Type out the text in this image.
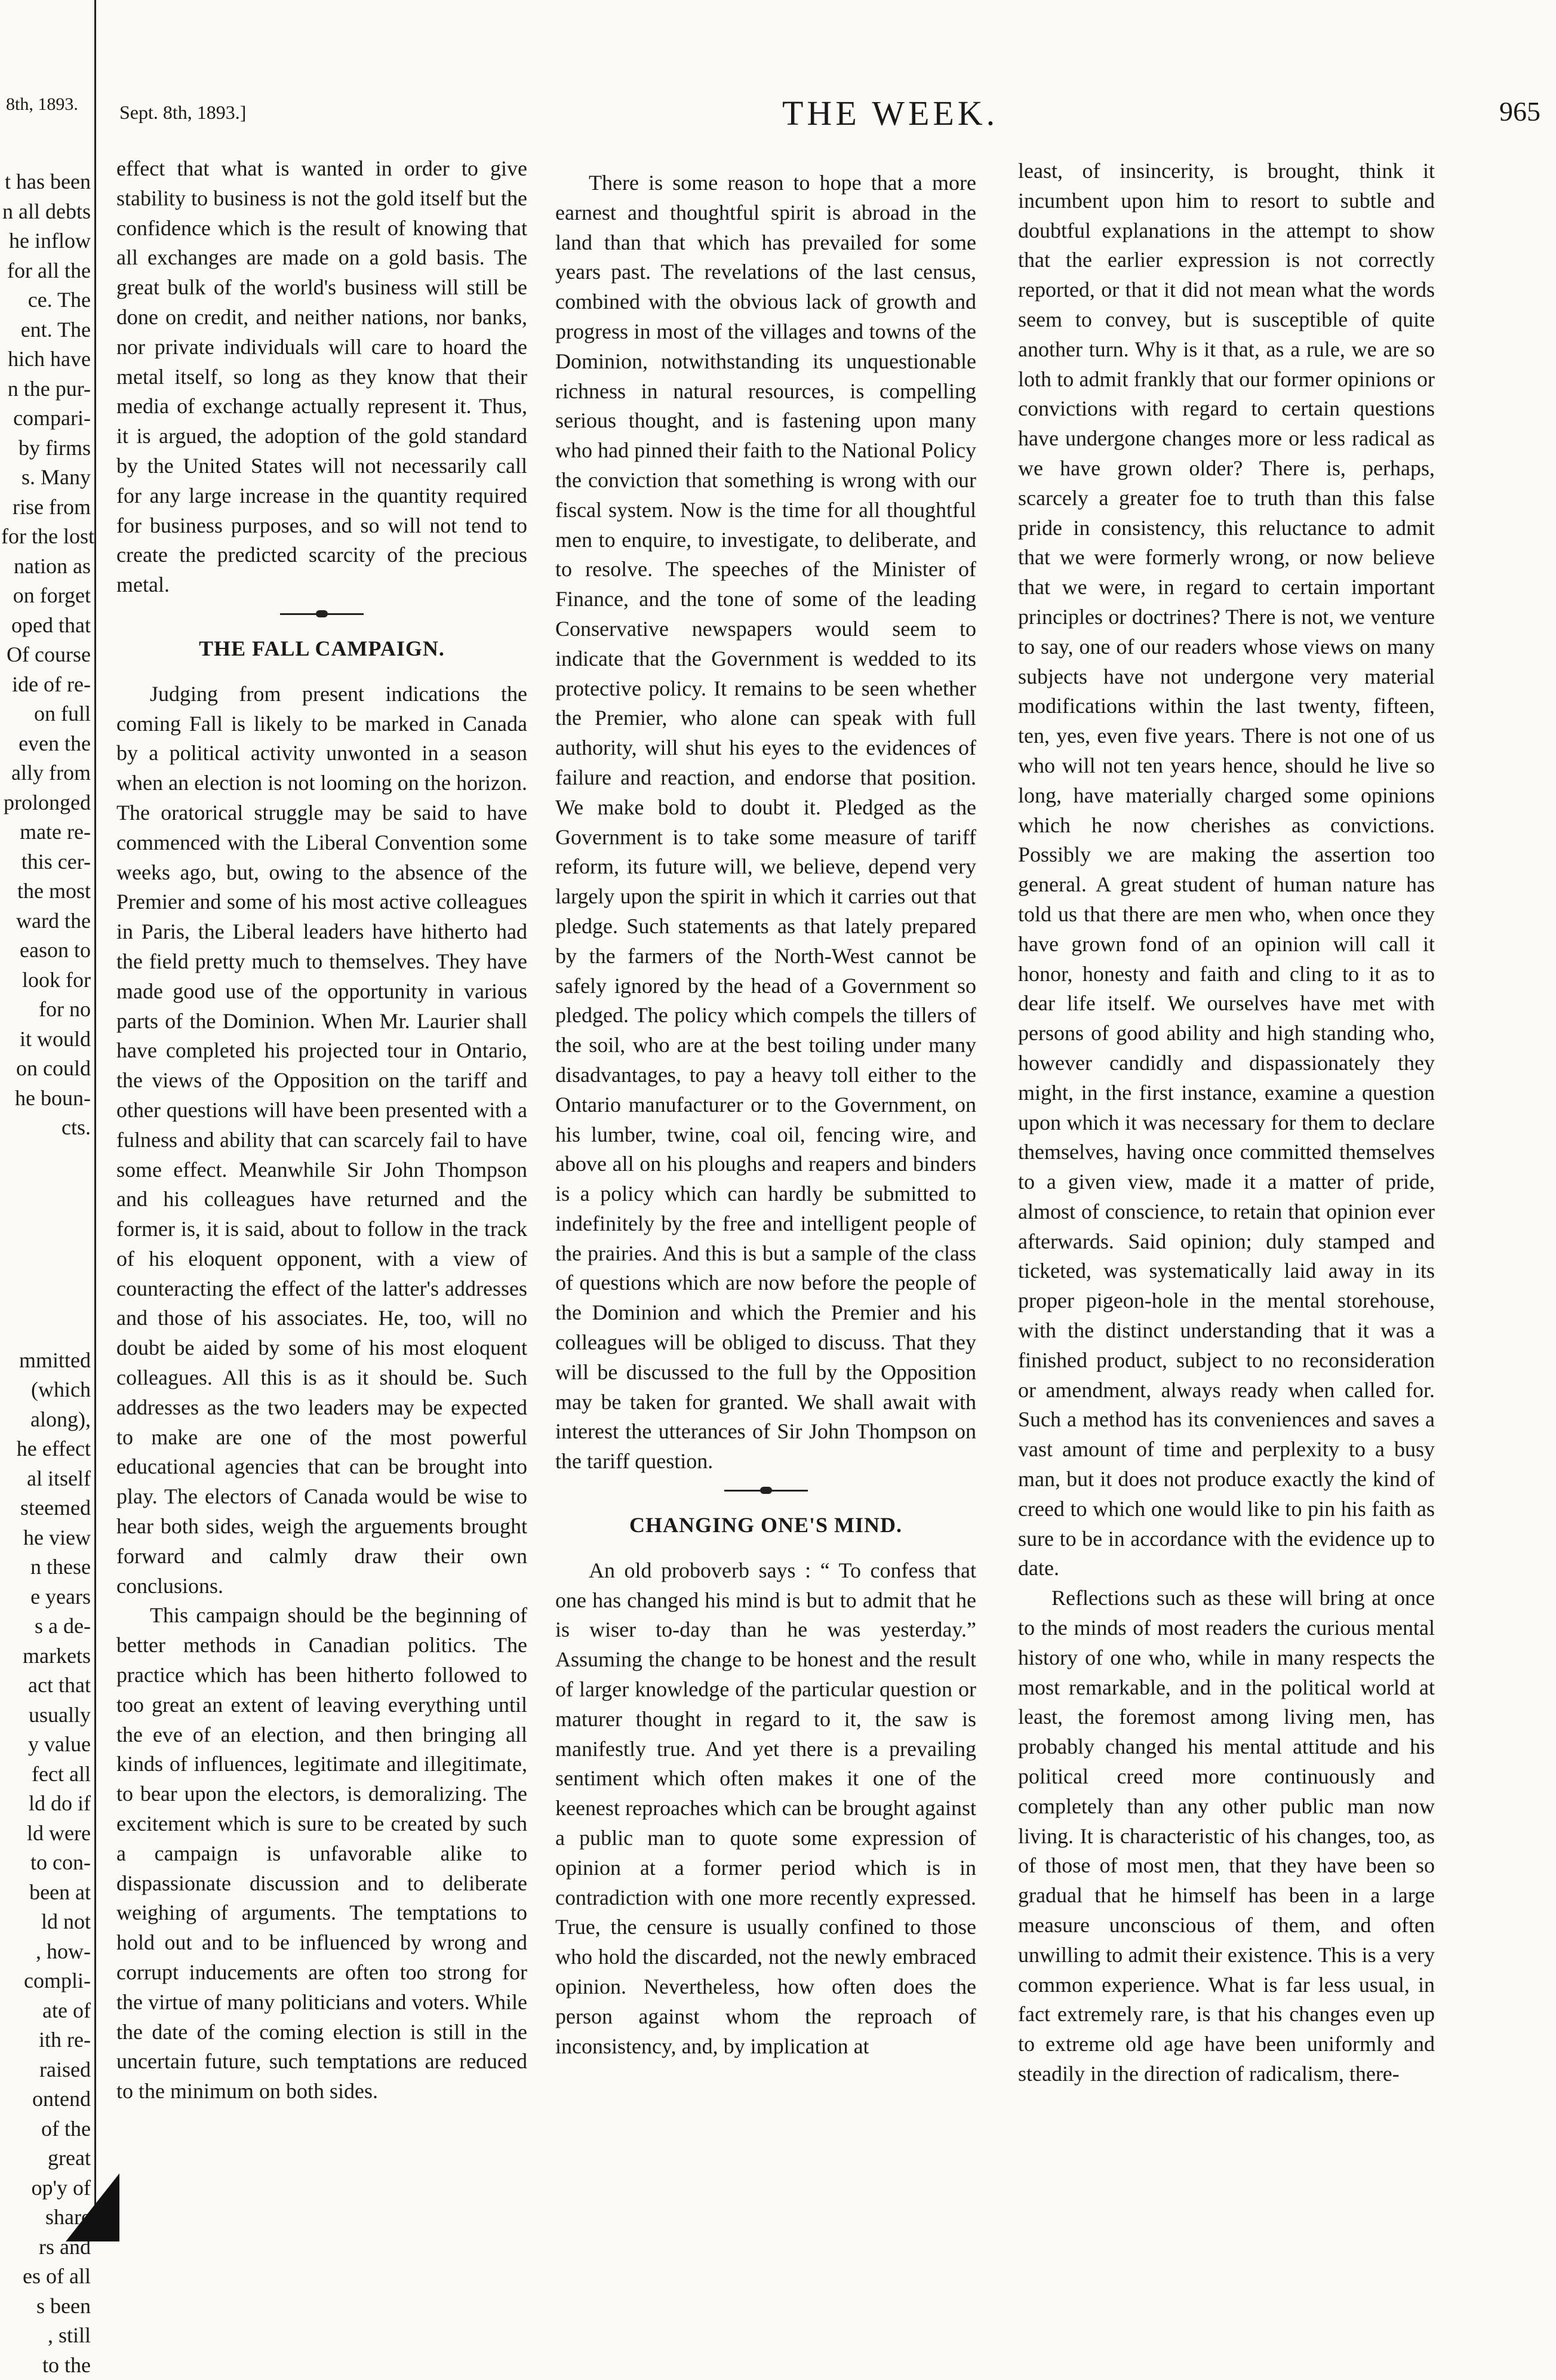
8th, 1893.
t has been
n all debts
he inflow
for all the
ce. The
ent. The
hich have
n the pur-
compari-
by firms
s. Many
rise from
for the lost
nation as
on forget
oped that
Of course
ide of re-
on full
even the
ally from
prolonged
mate re-
this cer-
the most
ward the
eason to
look for
for no
it would
on could
he boun-
cts.
mmitted
(which
along),
he effect
al itself
steemed
he view
n these
e years
s a de-
markets
act that
usually
y value
fect all
ld do if
ld were
to con-
been at
ld not
, how-
compli-
ate of
ith re-
raised
ontend
of the
great
op'y of
share
rs and
es of all
s been
, still
to the
Sept. 8th, 1893.]	THE WEEK.	965

effect that what is wanted in order to give stability to business is not the gold itself but the confidence which is the result of knowing that all exchanges are made on a gold basis. The great bulk of the world's business will still be done on credit, and neither nations, nor banks, nor private individuals will care to hoard the metal itself, so long as they know that their media of exchange actually represent it. Thus, it is argued, the adoption of the gold standard by the United States will not necessarily call for any large increase in the quantity required for business purposes, and so will not tend to create the predicted scarcity of the precious metal.

THE FALL CAMPAIGN.

Judging from present indications the coming Fall is likely to be marked in Canada by a political activity unwonted in a season when an election is not looming on the horizon. The oratorical struggle may be said to have commenced with the Liberal Convention some weeks ago, but, owing to the absence of the Premier and some of his most active colleagues in Paris, the Liberal leaders have hitherto had the field pretty much to themselves. They have made good use of the opportunity in various parts of the Dominion. When Mr. Laurier shall have completed his projected tour in Ontario, the views of the Opposition on the tariff and other questions will have been presented with a fulness and ability that can scarcely fail to have some effect. Meanwhile Sir John Thompson and his colleagues have returned and the former is, it is said, about to follow in the track of his eloquent opponent, with a view of counteracting the effect of the latter's addresses and those of his associates. He, too, will no doubt be aided by some of his most eloquent colleagues. All this is as it should be. Such addresses as the two leaders may be expected to make are one of the most powerful educational agencies that can be brought into play. The electors of Canada would be wise to hear both sides, weigh the arguements brought forward and calmly draw their own conclusions.

This campaign should be the beginning of better methods in Canadian politics. The practice which has been hitherto followed to too great an extent of leaving everything until the eve of an election, and then bringing all kinds of influences, legitimate and illegitimate, to bear upon the electors, is demoralizing. The excitement which is sure to be created by such a campaign is unfavorable alike to dispassionate discussion and to deliberate weighing of arguments. The temptations to hold out and to be influenced by wrong and corrupt inducements are often too strong for the virtue of many politicians and voters. While the date of the coming election is still in the uncertain future, such temptations are reduced to the minimum on both sides.

There is some reason to hope that a more earnest and thoughtful spirit is abroad in the land than that which has prevailed for some years past. The revelations of the last census, combined with the obvious lack of growth and progress in most of the villages and towns of the Dominion, notwithstanding its unquestionable richness in natural resources, is compelling serious thought, and is fastening upon many who had pinned their faith to the National Policy the conviction that something is wrong with our fiscal system. Now is the time for all thoughtful men to enquire, to investigate, to deliberate, and to resolve. The speeches of the Minister of Finance, and the tone of some of the leading Conservative newspapers would seem to indicate that the Government is wedded to its protective policy. It remains to be seen whether the Premier, who alone can speak with full authority, will shut his eyes to the evidences of failure and reaction, and endorse that position. We make bold to doubt it. Pledged as the Government is to take some measure of tariff reform, its future will, we believe, depend very largely upon the spirit in which it carries out that pledge. Such statements as that lately prepared by the farmers of the North-West cannot be safely ignored by the head of a Government so pledged. The policy which compels the tillers of the soil, who are at the best toiling under many disadvantages, to pay a heavy toll either to the Ontario manufacturer or to the Government, on his lumber, twine, coal oil, fencing wire, and above all on his ploughs and reapers and binders is a policy which can hardly be submitted to indefinitely by the free and intelligent people of the prairies. And this is but a sample of the class of questions which are now before the people of the Dominion and which the Premier and his colleagues will be obliged to discuss. That they will be discussed to the full by the Opposition may be taken for granted. We shall await with interest the utterances of Sir John Thompson on the tariff question.

CHANGING ONE'S MIND.

An old proboverb says : “ To confess that one has changed his mind is but to admit that he is wiser to-day than he was yesterday.” Assuming the change to be honest and the result of larger knowledge of the particular question or maturer thought in regard to it, the saw is manifestly true. And yet there is a prevailing sentiment which often makes it one of the keenest reproaches which can be brought against a public man to quote some expression of opinion at a former period which is in contradiction with one more recently expressed. True, the censure is usually confined to those who hold the discarded, not the newly embraced opinion. Nevertheless, how often does the person against whom the reproach of inconsistency, and, by implication at

least, of insincerity, is brought, think it incumbent upon him to resort to subtle and doubtful explanations in the attempt to show that the earlier expression is not correctly reported, or that it did not mean what the words seem to convey, but is susceptible of quite another turn. Why is it that, as a rule, we are so loth to admit frankly that our former opinions or convictions with regard to certain questions have undergone changes more or less radical as we have grown older? There is, perhaps, scarcely a greater foe to truth than this false pride in consistency, this reluctance to admit that we were formerly wrong, or now believe that we were, in regard to certain important principles or doctrines? There is not, we venture to say, one of our readers whose views on many subjects have not undergone very material modifications within the last twenty, fifteen, ten, yes, even five years. There is not one of us who will not ten years hence, should he live so long, have materially charged some opinions which he now cherishes as convictions. Possibly we are making the assertion too general. A great student of human nature has told us that there are men who, when once they have grown fond of an opinion will call it honor, honesty and faith and cling to it as to dear life itself. We ourselves have met with persons of good ability and high standing who, however candidly and dispassionately they might, in the first instance, examine a question upon which it was necessary for them to declare themselves, having once committed themselves to a given view, made it a matter of pride, almost of conscience, to retain that opinion ever afterwards. Said opinion; duly stamped and ticketed, was systematically laid away in its proper pigeon-hole in the mental storehouse, with the distinct understanding that it was a finished product, subject to no reconsideration or amendment, always ready when called for. Such a method has its conveniences and saves a vast amount of time and perplexity to a busy man, but it does not produce exactly the kind of creed to which one would like to pin his faith as sure to be in accordance with the evidence up to date.

Reflections such as these will bring at once to the minds of most readers the curious mental history of one who, while in many respects the most remarkable, and in the political world at least, the foremost among living men, has probably changed his mental attitude and his political creed more continuously and completely than any other public man now living. It is characteristic of his changes, too, as of those of most men, that they have been so gradual that he himself has been in a large measure unconscious of them, and often unwilling to admit their existence. This is a very common experience. What is far less usual, in fact extremely rare, is that his changes even up to extreme old age have been uniformly and steadily in the direction of radicalism, there-
